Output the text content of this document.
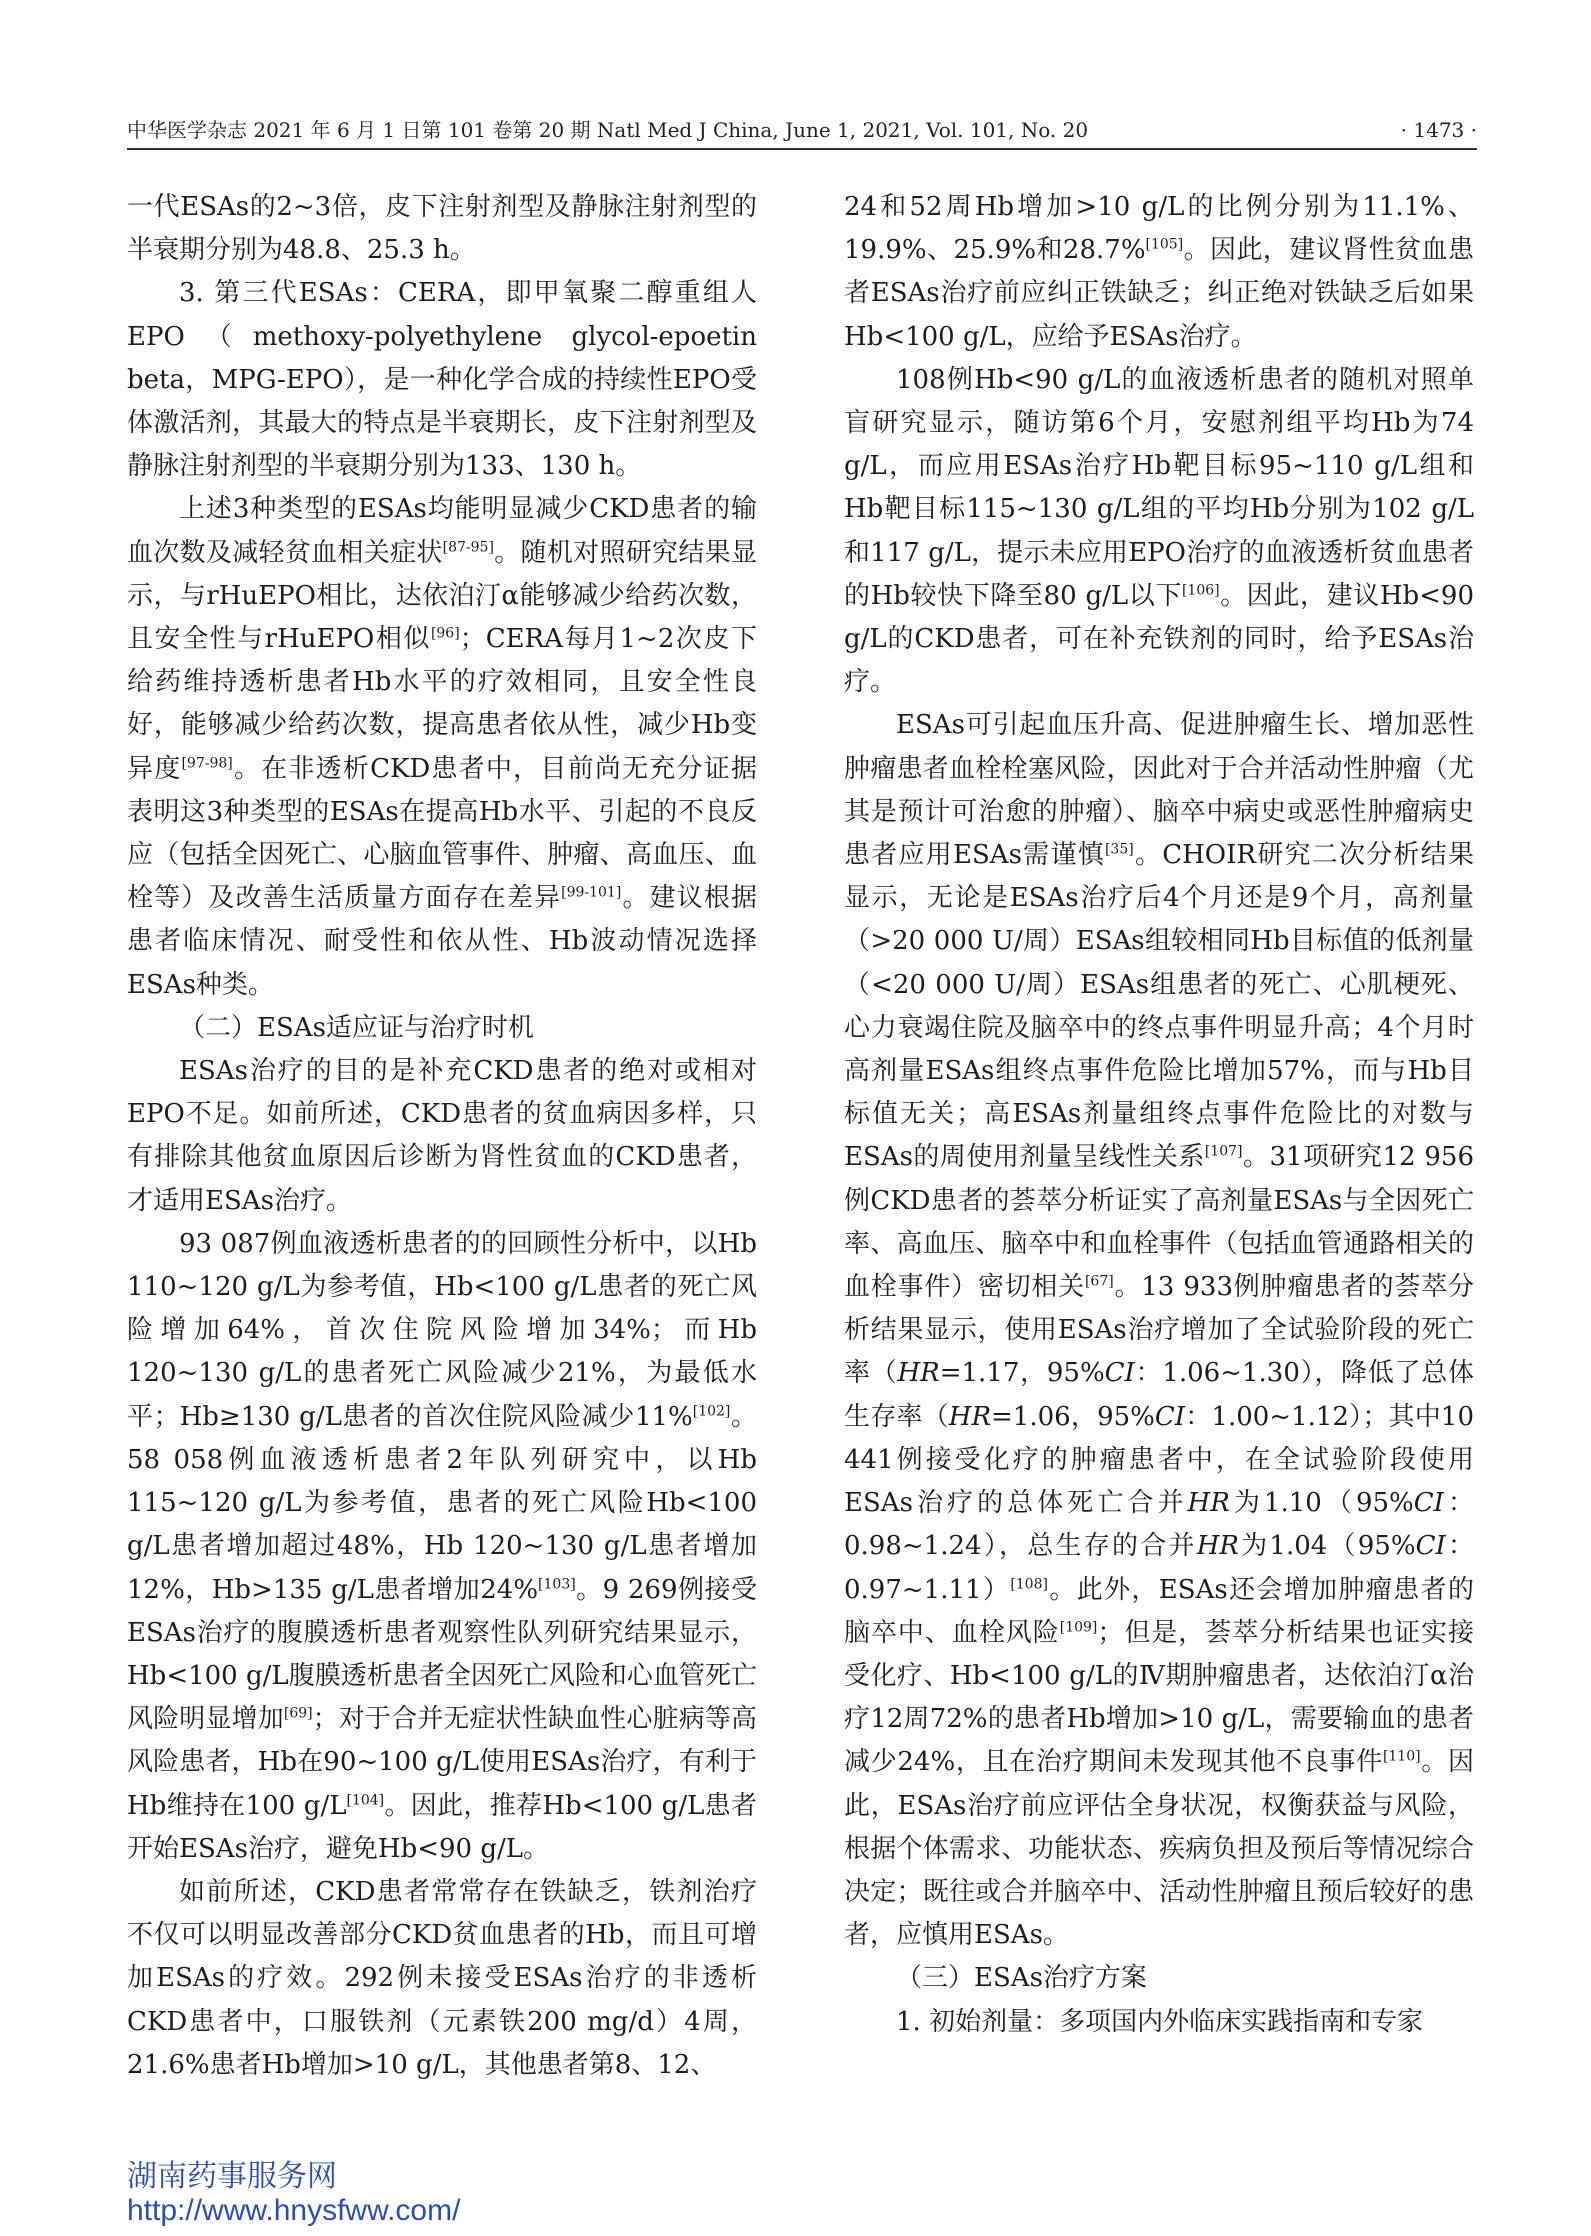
中华医学杂志 2021 年 6 月 1 日第 101 卷第 20 期 Natl Med J China, June 1, 2021, Vol. 101, No. 20	· 1473 ·

一代ESAs的2~3倍，皮下注射剂型及静脉注射剂型的半衰期分别为48.8、25.3 h。

3. 第三代ESAs：CERA，即甲氧聚二醇重组人EPO（methoxy-polyethylene glycol-epoetin beta，MPG-EPO），是一种化学合成的持续性EPO受体激活剂，其最大的特点是半衰期长，皮下注射剂型及静脉注射剂型的半衰期分别为133、130 h。

上述3种类型的ESAs均能明显减少CKD患者的输血次数及减轻贫血相关症状[87-95]。随机对照研究结果显示，与rHuEPO相比，达依泊汀α能够减少给药次数，且安全性与rHuEPO相似[96]；CERA每月1~2次皮下给药维持透析患者Hb水平的疗效相同，且安全性良好，能够减少给药次数，提高患者依从性，减少Hb变异度[97-98]。在非透析CKD患者中，目前尚无充分证据表明这3种类型的ESAs在提高Hb水平、引起的不良反应（包括全因死亡、心脑血管事件、肿瘤、高血压、血栓等）及改善生活质量方面存在差异[99-101]。建议根据患者临床情况、耐受性和依从性、Hb波动情况选择ESAs种类。

（二）ESAs适应证与治疗时机

ESAs治疗的目的是补充CKD患者的绝对或相对EPO不足。如前所述，CKD患者的贫血病因多样，只有排除其他贫血原因后诊断为肾性贫血的CKD患者，才适用ESAs治疗。

93 087例血液透析患者的的回顾性分析中，以Hb 110~120 g/L为参考值，Hb<100 g/L患者的死亡风险增加64%，首次住院风险增加34%；而Hb 120~130 g/L的患者死亡风险减少21%，为最低水平；Hb≥130 g/L患者的首次住院风险减少11%[102]。58 058例血液透析患者2年队列研究中，以Hb 115~120 g/L为参考值，患者的死亡风险Hb<100 g/L患者增加超过48%，Hb 120~130 g/L患者增加12%，Hb>135 g/L患者增加24%[103]。9 269例接受ESAs治疗的腹膜透析患者观察性队列研究结果显示，Hb<100 g/L腹膜透析患者全因死亡风险和心血管死亡风险明显增加[69]；对于合并无症状性缺血性心脏病等高风险患者，Hb在90~100 g/L使用ESAs治疗，有利于Hb维持在100 g/L[104]。因此，推荐Hb<100 g/L患者开始ESAs治疗，避免Hb<90 g/L。

如前所述，CKD患者常常存在铁缺乏，铁剂治疗不仅可以明显改善部分CKD贫血患者的Hb，而且可增加ESAs的疗效。292例未接受ESAs治疗的非透析CKD患者中，口服铁剂（元素铁200 mg/d）4周，21.6%患者Hb增加>10 g/L，其他患者第8、12、

24和52周Hb增加>10 g/L的比例分别为11.1%、19.9%、25.9%和28.7%[105]。因此，建议肾性贫血患者ESAs治疗前应纠正铁缺乏；纠正绝对铁缺乏后如果Hb<100 g/L，应给予ESAs治疗。

108例Hb<90 g/L的血液透析患者的随机对照单盲研究显示，随访第6个月，安慰剂组平均Hb为74 g/L，而应用ESAs治疗Hb靶目标95~110 g/L组和Hb靶目标115~130 g/L组的平均Hb分别为102 g/L和117 g/L，提示未应用EPO治疗的血液透析贫血患者的Hb较快下降至80 g/L以下[106]。因此，建议Hb<90 g/L的CKD患者，可在补充铁剂的同时，给予ESAs治疗。

ESAs可引起血压升高、促进肿瘤生长、增加恶性肿瘤患者血栓栓塞风险，因此对于合并活动性肿瘤（尤其是预计可治愈的肿瘤）、脑卒中病史或恶性肿瘤病史患者应用ESAs需谨慎[35]。CHOIR研究二次分析结果显示，无论是ESAs治疗后4个月还是9个月，高剂量（>20 000 U/周）ESAs组较相同Hb目标值的低剂量（<20 000 U/周）ESAs组患者的死亡、心肌梗死、心力衰竭住院及脑卒中的终点事件明显升高；4个月时高剂量ESAs组终点事件危险比增加57%，而与Hb目标值无关；高ESAs剂量组终点事件危险比的对数与ESAs的周使用剂量呈线性关系[107]。31项研究12 956例CKD患者的荟萃分析证实了高剂量ESAs与全因死亡率、高血压、脑卒中和血栓事件（包括血管通路相关的血栓事件）密切相关[67]。13 933例肿瘤患者的荟萃分析结果显示，使用ESAs治疗增加了全试验阶段的死亡率（HR=1.17，95%CI：1.06~1.30），降低了总体生存率（HR=1.06，95%CI：1.00~1.12）；其中10 441例接受化疗的肿瘤患者中，在全试验阶段使用ESAs治疗的总体死亡合并HR为1.10（95%CI：0.98~1.24），总生存的合并HR为1.04（95%CI：0.97~1.11）[108]。此外，ESAs还会增加肿瘤患者的脑卒中、血栓风险[109]；但是，荟萃分析结果也证实接受化疗、Hb<100 g/L的Ⅳ期肿瘤患者，达依泊汀α治疗12周72%的患者Hb增加>10 g/L，需要输血的患者减少24%，且在治疗期间未发现其他不良事件[110]。因此，ESAs治疗前应评估全身状况，权衡获益与风险，根据个体需求、功能状态、疾病负担及预后等情况综合决定；既往或合并脑卒中、活动性肿瘤且预后较好的患者，应慎用ESAs。

（三）ESAs治疗方案

1. 初始剂量：多项国内外临床实践指南和专家

湖南药事服务网
http://www.hnysfww.com/
